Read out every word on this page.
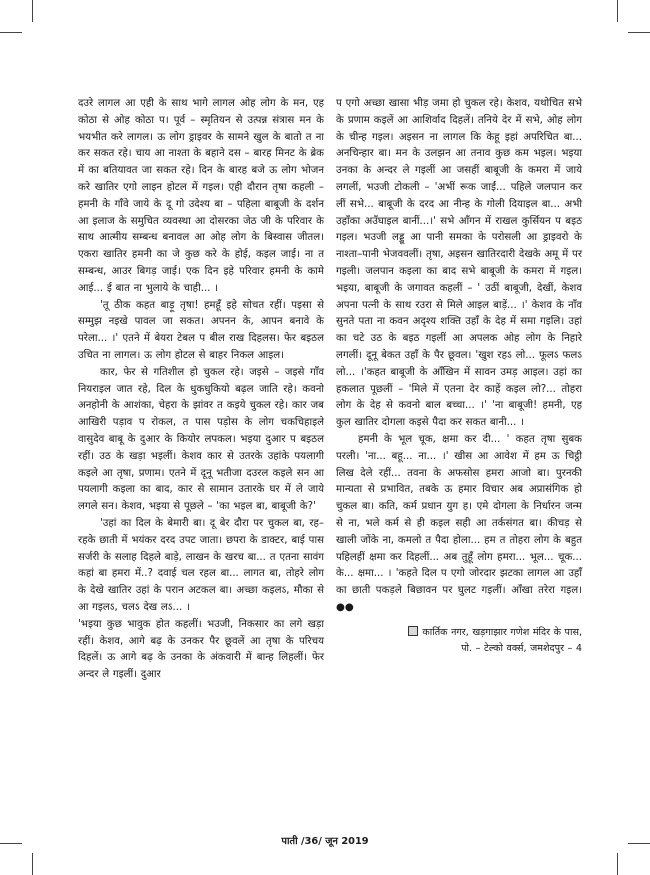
दउरे लागल आ एही के साथ भागे लागल ओह लोग के मन, एह कोठा से ओह कोठा प। पूर्व – स्मृतियन से उत्पन्न संत्रास मन के भयभीत करे लागल। ऊ लोग ड्राइवर के सामने खुल के बातो त ना कर सकत रहे। चाय आ नाश्ता के बहाने दस – बारह मिनट के ब्रेक में का बतियावत जा सकत रहे। दिन के बारह बजे ऊ लोग भोजन करे खातिर एगो लाइन होटल में गइल। एही दौरान तृषा कहली – हमनी के गाँवे जाये के दू गो उदेश्य बा – पहिला बाबूजी के दर्शन आ इलाज के समुचित व्यवस्था आ दोसरका जेठ जी के परिवार के साथ आत्मीय सम्बन्ध बनावल आ ओह लोग के बिस्वास जीतल। एकरा खातिर हमनी का जे कुछ करे के होई, कइल जाई। ना त सम्बन्ध, आउर बिगड़ जाई। एक दिन इहे परिवार हमनी के कामे आई... ई बात ना भुलाये के चाही... ।

'तू ठीक कहत बाड़ू तृषा! हमहूँ इहे सोचत रहीं। पइसा से सम्मुझ नइखे पावल जा सकत। अपनन के, आपन बनावे के परेला... ।' एतने में बेयरा टेबल प बील राख दिहलस। फेर बइठल उचित ना लागल। ऊ लोग होटल से बाहर निकल आइल।

कार, फेर से गतिशील हो चुकल रहे। जइसे – जइसे गाँव नियराइल जात रहे, दिल के धुकधुकियो बढ़ल जाति रहे। कवनो अनहोनी के आशंका, चेहरा के झांवर त कइये चुकल रहे। कार जब आखिरी पड़ाव प रोकल, त पास पड़ोस के लोग चकचिहाइले वासुदेव बाबू के दुआर के कियोर लपकल। भइया दुआर प बइठल रहीं। उठ के खड़ा भइलीं। केशव कार से उतरके उहांके पयलागी कइले आ तृषा, प्रणाम। एतने में दूनू भतीजा दउरल कइले सन आ पयलागी कइला का बाद, कार से सामान उतारके घर में ले जाये लगले सन। केशव, भइया से पूछले – 'का भइल बा, बाबूजी के?'

'उहां का दिल के बेमारी बा। दू बेर दौरा पर चुकल बा, रह–रहके छाती में भयंकर दरद उपट जाता। छपरा के डाक्टर, बाई पास सर्जरी के सलाह दिहले बाड़े, लाखन के खरच बा... त एतना सावंग कहां बा हमरा में..? दवाई चल रहल बा... लागत बा, तोहरे लोग के देखे खातिर उहां के परान अटकल बा। अच्छा कइलऽ, मौका से आ गइलऽ, चलऽ देख लऽ... ।

'भइया कुछ भावुक होत कहलीं। भउजी, निकसार का लगे खड़ा रहीं। केशव, आगे बढ़ के उनकर पैर छूवलें आ तृषा के परिचय दिहलें। ऊ आगे बढ़ के उनका के अंकवारी में बान्ह लिहलीं। फेर अन्दर ले गइलीं। दुआर

प एगो अच्छा खासा भीड़ जमा हो चुकल रहे। केशव, यथोचित सभे के प्रणाम कइलें आ आशिर्वाद दिहलें। तनिये देर में सभे, ओह लोग के चीन्ह गइल। अइसन ना लागल कि केहू इहां अपरिचित बा... अनचिन्हार बा। मन के उलझन आ तनाव कुछ कम भइल। भइया उनका के अन्दर ले गइलीं आ जसहीं बाबूजी के कमरा में जाये लगलीं, भउजी टोकली – 'अभीं रूक जाईं... पहिले जलपान कर लीं सभे... बाबूजी के दरद आ नीन्ह के गोली दियाइल बा... अभी उहाँका अउँघाइल बानीं...।' सभे आँगन में राखल कुर्सियन प बइठ गइल। भउजी लड्डू आ पानी समका के परोसली आ ड्राइवरो के नाश्ता–पानी भेजववलीं। तृषा, अइसन खातिरदारी देखके अमू में पर गइली। जलपान कइला का बाद सभे बाबूजी के कमरा में गइल। भइया, बाबूजी के जगावत कहलीं – ' उठीं बाबूजी, देखीं, केशव अपना पत्नी के साथ रउरा से मिले आइल बाड़ें... ।' केशव के नाँव सुनते पता ना कवन अदृश्य शक्ति उहाँ के देह में समा गइलि। उहां का चटे उठ के बइठ गइलीं आ अपलक ओह लोग के निहारे लगलीं। दूनू बेकत उहाँ के पैर छूवल। 'खुश रहऽ लो... फूलऽ फलऽ लो... ।'कहत बाबूजी के ऑंखिन में सावन उमड़ आइल। उहां का हकलात पूछलीं – 'मिले में एतना देर काहें कइल लो?... तोहरा लोग के देह से कवनो बाल बच्चा... ।' 'ना बाबूजी! हमनी, एह कुल खातिर दोगला कइसे पैदा कर सकत बानी... ।

हमनी के भूल चूक, क्षमा कर दी... ' कहत तृषा सुबक परली। 'ना... बहू... ना... ।' खीस आ आवेश में हम ऊ चिट्ठी लिख देले रहीं... तवना के अफसोस हमरा आजो बा। पुरनकी मान्यता से प्रभावित, तबके ऊ हमार विचार अब अप्रासंगिक हो चुकल बा। कति, कर्म प्रधान युग ह। एमे दोगला के निर्धारन जन्म से ना, भले कर्म से ही कइल सही आ तर्कसंगत बा। कीचड़ से खाली जोंके ना, कमलो त पैदा होला... हम त तोहरा लोग के बहुत पहिलहीं क्षमा कर दिहलीं... अब तुहूँ लोग हमरा... भूल... चूक... के... क्षमा... । 'कहते दिल प एगो जोरदार झटका लागल आ उहाँ का छाती पकड़ले बिछावन पर घुलट गइलीं। आँखा तरेरा गइल। ●●

कार्तिक नगर, खड़गाझार गणेश मंदिर के पास,
पो. – टेल्को वर्क्स, जमशेदपुर – 4
पाती /36/ जून 2019
